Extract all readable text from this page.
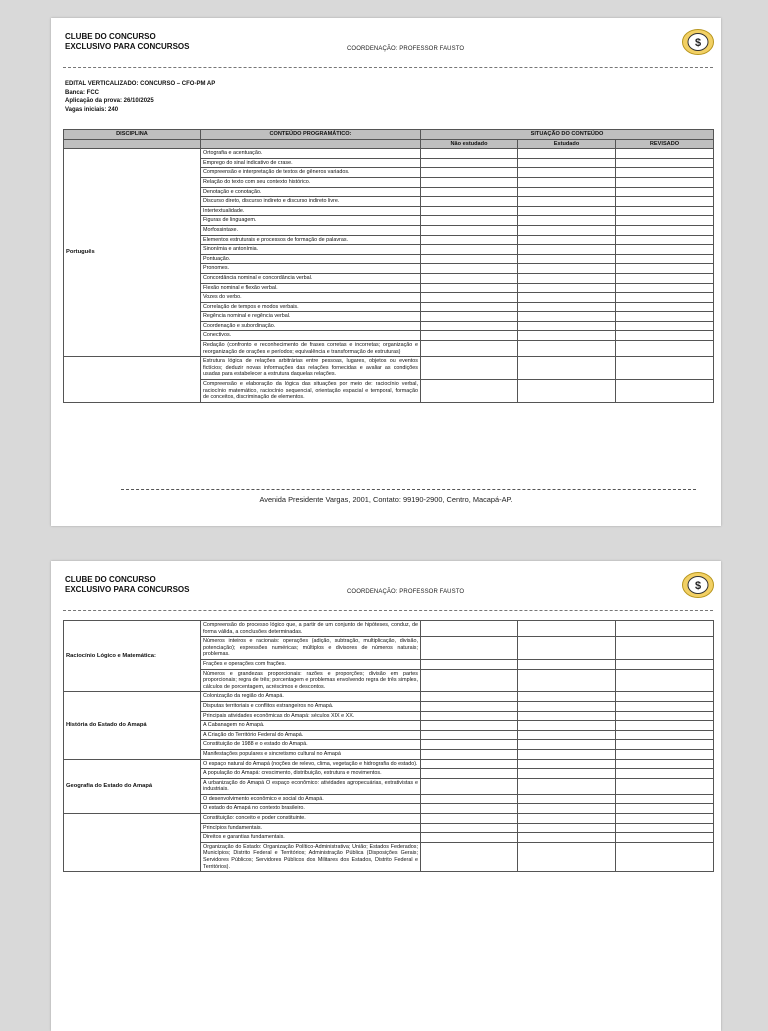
CLUBE DO CONCURSO
EXCLUSIVO PARA CONCURSOS	COORDENAÇÃO: PROFESSOR FAUSTO	$
EDITAL VERTICALIZADO: CONCURSO – CFO-PM AP
Banca: FCC
Aplicação da prova: 26/10/2025
Vagas iniciais: 240
DISCIPLINA	CONTEÚDO PROGRAMÁTICO:	SITUAÇÃO DO CONTEÚDO		
		Não estudado	Estudado	REVISADO
Português	Ortografia e acentuação.			
	Emprego do sinal indicativo de crase.			
	Compreensão e interpretação de textos de gêneros variados.			
	Relação do texto com seu contexto histórico.			
	Denotação e conotação.			
	Discurso direto, discurso indireto e discurso indireto livre.			
	Intertextualidade.			
	Figuras de linguagem.			
	Morfossintaxe.			
	Elementos estruturais e processos de formação de palavras.			
	Sinonímia e antonímia.			
	Pontuação.			
	Pronomes.			
	Concordância nominal e concordância verbal.			
	Flexão nominal e flexão verbal.			
	Vozes do verbo.			
	Correlação de tempos e modos verbais.			
	Regência nominal e regência verbal.			
	Coordenação e subordinação.			
	Conectivos.			
	Redação (confronto e reconhecimento de frases corretas e incorretas; organização e reorganização de orações e períodos; equivalência e transformação de estruturas)			
	Estrutura lógica de relações arbitrárias entre pessoas, lugares, objetos ou eventos fictícios; deduzir novas informações das relações fornecidas e avaliar as condições usadas para estabelecer a estrutura daquelas relações.			
	Compreensão e elaboração da lógica das situações por meio de: raciocínio verbal, raciocínio matemático, raciocínio sequencial, orientação espacial e temporal, formação de conceitos, discriminação de elementos.			
Avenida Presidente Vargas, 2001, Contato: 99190-2900, Centro, Macapá-AP.
CLUBE DO CONCURSO
EXCLUSIVO PARA CONCURSOS	COORDENAÇÃO: PROFESSOR FAUSTO	$
Raciocínio Lógico e Matemática:	Compreensão do processo lógico que, a partir de um conjunto de hipóteses, conduz, de forma válida, a conclusões determinadas.			
	Números inteiros e racionais: operações (adição, subtração, multiplicação, divisão, potenciação); expressões numéricas; múltiplos e divisores de números naturais; problemas.			
	Frações e operações com frações.			
	Números e grandezas proporcionais: razões e proporções; divisão em partes proporcionais; regra de três; porcentagem e problemas envolvendo regra de três simples, cálculos de porcentagem, acréscimos e descontos.			
História do Estado do Amapá	Colonização da região do Amapá.			
	Disputas territoriais e conflitos estrangeiros no Amapá.			
	Principais atividades econômicas do Amapá: séculos XIX e XX.			
	A Cabanagem no Amapá.			
	A Criação do Território Federal do Amapá.			
	Constituição de 1988 e o estado do Amapá.			
	Manifestações populares e sincretismo cultural no Amapá			
Geografia do Estado do Amapá	O espaço natural do Amapá (noções de relevo, clima, vegetação e hidrografia do estado).			
	A população do Amapá: crescimento, distribuição, estrutura e movimentos.			
	A urbanização do Amapá O espaço econômico: atividades agropecuárias, extrativistas e industriais.			
	O desenvolvimento econômico e social do Amapá.			
	O estado do Amapá no contexto brasileiro.			
	Constituição: conceito e poder constituinte.			
	Princípios fundamentais.			
	Direitos e garantias fundamentais.			
	Organização do Estado: Organização Político-Administrativa; União; Estados Federados; Municípios; Distrito Federal e Territórios; Administração Pública (Disposições Gerais; Servidores Públicos; Servidores Públicos dos Militares dos Estados, Distrito Federal e Territórios).			
